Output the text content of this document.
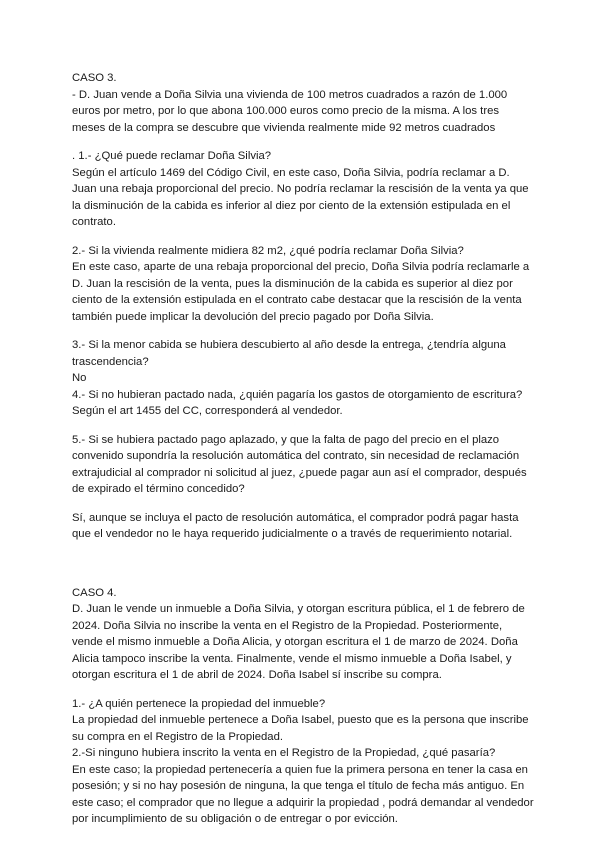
CASO 3.
- D. Juan vende a Doña Silvia una vivienda de 100 metros cuadrados a razón de 1.000
euros por metro, por lo que abona 100.000 euros como precio de la misma. A los tres
meses de la compra se descubre que vivienda realmente mide 92 metros cuadrados
. 1.- ¿Qué puede reclamar Doña Silvia?
Según el artículo 1469 del Código Civil, en este caso, Doña Silvia, podría reclamar a D.
Juan una rebaja proporcional del precio. No podría reclamar la rescisión de la venta ya que
la disminución de la cabida es inferior al diez por ciento de la extensión estipulada en el
contrato.
2.- Si la vivienda realmente midiera 82 m2, ¿qué podría reclamar Doña Silvia?
En este caso, aparte de una rebaja proporcional del precio, Doña Silvia podría reclamarle a
D. Juan la rescisión de la venta, pues la disminución de la cabida es superior al diez por
ciento de la extensión estipulada en el contrato cabe destacar que la rescisión de la venta
también puede implicar la devolución del precio pagado por Doña Silvia.
3.- Si la menor cabida se hubiera descubierto al año desde la entrega, ¿tendría alguna
trascendencia?
No
4.- Si no hubieran pactado nada, ¿quién pagaría los gastos de otorgamiento de escritura?
Según el art 1455 del CC, corresponderá al vendedor.
5.- Si se hubiera pactado pago aplazado, y que la falta de pago del precio en el plazo
convenido supondría la resolución automática del contrato, sin necesidad de reclamación
extrajudicial al comprador ni solicitud al juez, ¿puede pagar aun así el comprador, después
de expirado el término concedido?
Sí, aunque se incluya el pacto de resolución automática, el comprador podrá pagar hasta
que el vendedor no le haya requerido judicialmente o a través de requerimiento notarial.
CASO 4.
D. Juan le vende un inmueble a Doña Silvia, y otorgan escritura pública, el 1 de febrero de
2024. Doña Silvia no inscribe la venta en el Registro de la Propiedad. Posteriormente,
vende el mismo inmueble a Doña Alicia, y otorgan escritura el 1 de marzo de 2024. Doña
Alicia tampoco inscribe la venta. Finalmente, vende el mismo inmueble a Doña Isabel, y
otorgan escritura el 1 de abril de 2024. Doña Isabel sí inscribe su compra.
1.- ¿A quién pertenece la propiedad del inmueble?
La propiedad del inmueble pertenece a Doña Isabel, puesto que es la persona que inscribe
su compra en el Registro de la Propiedad.
2.-Si ninguno hubiera inscrito la venta en el Registro de la Propiedad, ¿qué pasaría?
En este caso; la propiedad pertenecería a quien fue la primera persona en tener la casa en
posesión; y si no hay posesión de ninguna, la que tenga el título de fecha más antiguo. En
este caso; el comprador que no llegue a adquirir la propiedad , podrá demandar al vendedor
por incumplimiento de su obligación o de entregar o por evicción.
